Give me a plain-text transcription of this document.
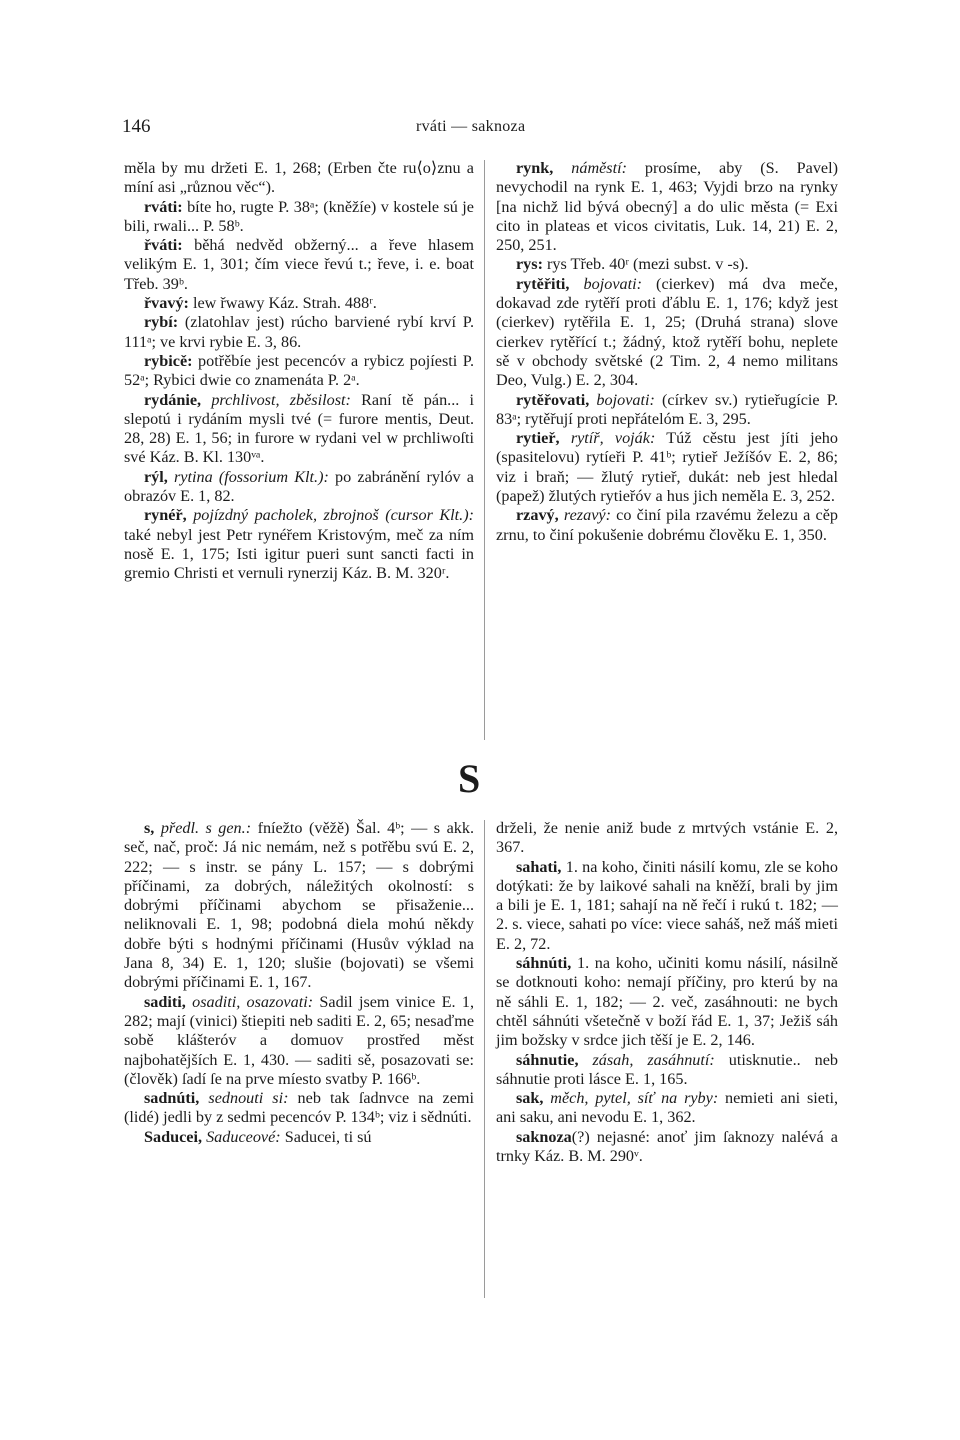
146	rváti — saknoza

měla by mu držeti E. 1, 268; (Erben čte ru⟨o⟩znu a míní asi „různou věc“).

rváti: bíte ho, rugte P. 38ᵃ; (kněžíe) v kostele sú je bili, rwali... P. 58ᵇ.

řváti: běhá nedvěd obžerný... a řeve hlasem velikým E. 1, 301; čím viece řevú t.; řeve, i. e. boat Třeb. 39ᵇ.

řvavý: lew řwawy Káz. Strah. 488ʳ.

rybí: (zlatohlav jest) rúcho barviené rybí krví P. 111ᵃ; ve krvi rybie E. 3, 86.

rybicě: potřěbíe jest pecencóv a rybicz pojíesti P. 52ᵃ; Rybici dwie co znamenáta P. 2ᵃ.

rydánie, prchlivost, zběsilost: Raní tě pán... i slepotú i rydáním mysli tvé (= furore mentis, Deut. 28, 28) E. 1, 56; in furore w rydani vel w prchliwoſti své Káz. B. Kl. 130ᵛᵃ.

rýl, rytina (fossorium Klt.): po zabránění rylóv a obrazóv E. 1, 82.

rynéř, pojízdný pacholek, zbrojnoš (cursor Klt.): také nebyl jest Petr rynéřem Kristovým, meč za ním nosě E. 1, 175; Isti igitur pueri sunt sancti facti in gremio Christi et vernuli rynerzij Káz. B. M. 320ʳ.

rynk, náměstí: prosíme, aby (S. Pavel) nevychodil na rynk E. 1, 463; Vyjdi brzo na rynky [na nichž lid bývá obecný] a do ulic města (= Exi cito in plateas et vicos civitatis, Luk. 14, 21) E. 2, 250, 251.

rys: rys Třeb. 40ʳ (mezi subst. v -s).

rytěřiti, bojovati: (cierkev) má dva meče, dokavad zde rytěří proti ďáblu E. 1, 176; když jest (cierkev) rytěřila E. 1, 25; (Druhá strana) slove cierkev rytěřící t.; žádný, ktož rytěří bohu, neplete sě v obchody světské (2 Tim. 2, 4 nemo militans Deo, Vulg.) E. 2, 304.

rytěřovati, bojovati: (církev sv.) rytieřugície P. 83ᵃ; rytěřují proti nepřátelóm E. 3, 295.

rytieř, rytíř, voják: Túž cěstu jest jíti jeho (spasitelovu) rytíeři P. 41ᵇ; rytieř Ježíšóv E. 2, 86; viz i braň; — žlutý rytieř, dukát: neb jest hledal (papež) žlutých rytieřóv a hus jich neměla E. 3, 252.

rzavý, rezavý: co činí pila rzavému železu a cěp zrnu, to činí pokušenie dobrému člověku E. 1, 350.

S

s, předl. s gen.: fníežto (věžě) Šal. 4ᵇ; — s akk. seč, nač, proč: Já nic nemám, než s potřěbu svú E. 2, 222; — s instr. se pány L. 157; — s dobrými příčinami, za dobrých, náležitých okolností: s dobrými příčinami abychom se přisaženie... neliknovali E. 1, 98; podobná diela mohú někdy dobře býti s hodnými příčinami (Husův výklad na Jana 8, 34) E. 1, 120; slušie (bojovati) se všemi dobrými příčinami E. 1, 167.

saditi, osaditi, osazovati: Sadil jsem vinice E. 1, 282; mají (vinici) štiepiti neb saditi E. 2, 65; nesaďme sobě klášteróv a domuov prostřed měst najbohatějších E. 1, 430. — saditi sě, posazovati se: (člověk) ſadí ſe na prve míesto svatby P. 166ᵇ.

sadnúti, sednouti si: neb tak ſadnvce na zemi (lidé) jedli by z sedmi pecencóv P. 134ᵇ; viz i sědnúti.

Saducei, Saduceové: Saducei, ti sú

drželi, že nenie aniž bude z mrtvých vstánie E. 2, 367.

sahati, 1. na koho, činiti násilí komu, zle se koho dotýkati: že by laikové sahali na kněží, brali by jim a bili je E. 1, 181; sahají na ně řečí i rukú t. 182; — 2. s. viece, sahati po více: viece saháš, než máš mieti E. 2, 72.

sáhnúti, 1. na koho, učiniti komu násilí, násilně se dotknouti koho: nemají příčiny, pro kterú by na ně sáhli E. 1, 182; — 2. več, zasáhnouti: ne bych chtěl sáhnúti všetečně v boží řád E. 1, 37; Ježiš sáh jim božsky v srdce jich těší je E. 2, 146.

sáhnutie, zásah, zasáhnutí: utisknutie.. neb sáhnutie proti lásce E. 1, 165.

sak, měch, pytel, síť na ryby: nemieti ani sieti, ani saku, ani nevodu E. 1, 362.

saknoza(?) nejasné: anoť jim ſaknozy nalévá a trnky Káz. B. M. 290ᵛ.
